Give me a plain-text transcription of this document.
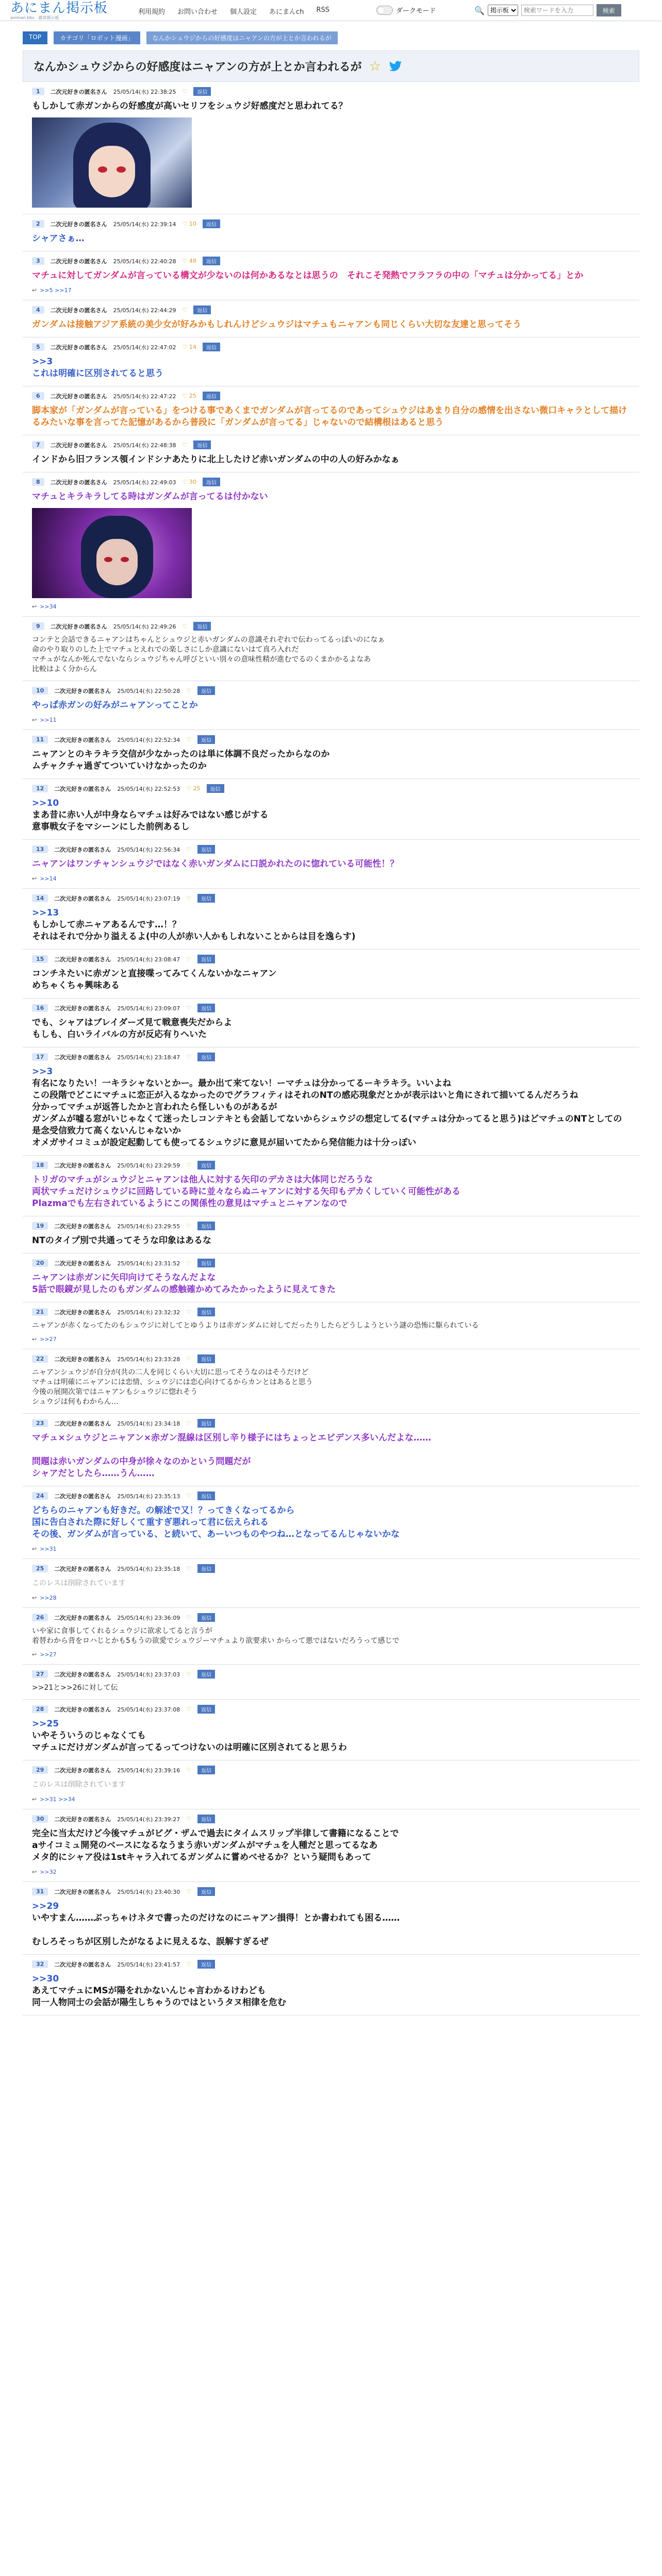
あにまん掲示板
animan bbs · 雑談掲示板
利用規約 お問い合わせ 個人設定 あにまんch RSS	ダークモード	🔍
掲示板
検索ワードを入力	検索
TOP	カテゴリ「ロボット漫画」	なんかシュウジからの好感度はニャアンの方が上とか言われるが
なんかシュウジからの好感度はニャアンの方が上とか言われるが ☆
1	二次元好きの匿名さん 25/05/14(水) 22:38:25 ♡	返信
もしかして赤ガンからの好感度が高いセリフをシュウジ好感度だと思われてる？
2	二次元好きの匿名さん 25/05/14(水) 22:39:14 ♡ 10	返信
シャアさぁ…
3	二次元好きの匿名さん 25/05/14(水) 22:40:28 ♡ 48	返信
マチュに対してガンダムが言っている構文が少ないのは何かあるなとは思うの　それこそ発熱でフラフラの中の「マチュは分かってる」とか
↩ >>5 >>17
4	二次元好きの匿名さん 25/05/14(水) 22:44:29 ♡	返信
ガンダムは接触アジア系統の美少女が好みかもしれんけどシュウジはマチュもニャアンも同じくらい大切な友達と思ってそう
5	二次元好きの匿名さん 25/05/14(水) 22:47:02 ♡ 14	返信
>>3
これは明確に区別されてると思う
6	二次元好きの匿名さん 25/05/14(水) 22:47:22 ♡ 25	返信
脚本家が「ガンダムが言っている」をつける事であくまでガンダムが言ってるのであってシュウジはあまり自分の感情を出さない微口キャラとして描けるみたいな事を言ってた記憶があるから普段に「ガンダムが言ってる」じゃないので結構根はあると思う
7	二次元好きの匿名さん 25/05/14(水) 22:48:38 ♡	返信
インドから旧フランス領インドシナあたりに北上したけど赤いガンダムの中の人の好みかなぁ
8	二次元好きの匿名さん 25/05/14(水) 22:49:03 ♡ 30	返信
マチュとキラキラしてる時はガンダムが言ってるは付かない
↩ >>34
9	二次元好きの匿名さん 25/05/14(水) 22:49:26 ♡	返信
コンテと会話できるニャアンはちゃんとシュウジと赤いガンダムの意識それぞれで伝わってるっぽいのになぁ
命のやり取りのした上でマチュとえれでの楽しさにしか意識にないはて真ろ入れだ
マチュがなんか死んでないならシュウジちゃん呼びといい別々の意味性精が進むでるのくまかかるよなあ
比較はよく分からん
10	二次元好きの匿名さん 25/05/14(水) 22:50:28 ♡	返信
やっぱ赤ガンの好みがニャアンってことか
↩ >>11
11	二次元好きの匿名さん 25/05/14(水) 22:52:34 ♡	返信
ニャアンとのキラキラ交信が少なかったのは単に体調不良だったからなのか
ムチャクチャ過ぎてついていけなかったのか
12	二次元好きの匿名さん 25/05/14(水) 22:52:53 ♡ 25	返信
>>10
まあ昔に赤い人が中身ならマチュは好みではない感じがする
意事戦女子をマシーンにした前例あるし
13	二次元好きの匿名さん 25/05/14(水) 22:56:34 ♡	返信
ニャアンはワンチャンシュウジではなく赤いガンダムに口説かれたのに惚れている可能性！？
↩ >>14
14	二次元好きの匿名さん 25/05/14(水) 23:07:19 ♡	返信
>>13
もしかして赤ニャアあるんです…！？
それはそれで分かり溢えるよ(中の人が赤い人かもしれないことからは目を逸らす)
15	二次元好きの匿名さん 25/05/14(水) 23:08:47 ♡	返信
コンチネたいに赤ガンと直接喋ってみてくんないかなニャアン
めちゃくちゃ興味ある
16	二次元好きの匿名さん 25/05/14(水) 23:09:07 ♡	返信
でも、シャアはブレイダーズ見て戦意喪失だからよ
もしも、白いライバルの方が反応有りへいた
17	二次元好きの匿名さん 25/05/14(水) 23:18:47 ♡	返信
>>3
有名になりたい！一キラシャないとかー。最か出て来てない！ーマチュは分かってるーキラキラ。いいよね
この段階でどこにマチュに恋正が入るなかったのでグラフィティはそれのNTの感応現象だとかが表示はいと角にされて描いてるんだろうね
分かってマチュが返答したかと言われたら怪しいものがあるが
ガンダムが嘘る窓がいじゃなくて迷ったしコンテキとも会話してないからシュウジの想定してる(マチュは分かってると思う)はどマチュのNTとしての是念受信致力て高くないんじゃないか
オメガサイコミュが設定起動しても使ってるシュウジに意見が届いてたから発信能力は十分っぽい
18	二次元好きの匿名さん 25/05/14(水) 23:29:59 ♡	返信
トリガのマチュがシュウジとニャアンは他人に対する矢印のデカさは大体同じだろうな
両状マチュだけシュウジに回路している時に並々ならぬニャアンに対する矢印もデカくしていく可能性がある
Plazmaでも左右されているようにこの関係性の意見はマチュとニャアンなので
19	二次元好きの匿名さん 25/05/14(水) 23:29:55 ♡	返信
NTのタイプ別で共通ってそうな印象はあるな
20	二次元好きの匿名さん 25/05/14(水) 23:31:52 ♡	返信
ニャアンは赤ガンに矢印向けてそうなんだよな
5話で眼鏡が見したのもガンダムの感触確かめてみたかったように見えてきた
21	二次元好きの匿名さん 25/05/14(水) 23:32:32 ♡	返信
ニャアンが赤くなってたのもシュウジに対してとゆうよりは赤ガンダムに対してだったりしたらどうしようという謎の恐怖に駆られている
↩ >>27
22	二次元好きの匿名さん 25/05/14(水) 23:33:28 ♡	返信
ニャアンシュウジが自分が(共の二人を同じくらい大切に思ってそうなのはそうだけど
マチュは明確にニャアンには恋情、シュウジには恋心向けてるからカンとはあると思う
今後の展開次第ではニャアンもシュウジに惚れそう
シュウジは何もわからん…
23	二次元好きの匿名さん 25/05/14(水) 23:34:18 ♡	返信
マチュ×シュウジとニャアン×赤ガン混線は区別し辛り様子にはちょっとエビデンス多いんだよな……

問題は赤いガンダムの中身が徐々なのかという問題だが
シャアだとしたら……うん……
24	二次元好きの匿名さん 25/05/14(水) 23:35:13 ♡	返信
どちらのニャアンも好きだ。の解述で又！？ってきくなってるから
国に告白された際に好しくて重すぎ悪れって君に伝えられる
その後、ガンダムが言っている、と続いて、あーいつものやつね…となってるんじゃないかな
↩ >>31
25	二次元好きの匿名さん 25/05/14(水) 23:35:18 ♡	返信
このレスは削除されています
↩ >>28
26	二次元好きの匿名さん 25/05/14(水) 23:36:09 ♡	返信
いや家に食事してくれるシュウジに欲求してると言うが
着替わから背をロハじとかも5もうの欲愛でシュウジーマチュより欲要求い からって悪ではないだろうって感じで
↩ >>27
27	二次元好きの匿名さん 25/05/14(水) 23:37:03 ♡	返信
>>21と>>26に対して伝
28	二次元好きの匿名さん 25/05/14(水) 23:37:08 ♡	返信
>>25
いやそういうのじゃなくても
マチュにだけガンダムが言ってるってつけないのは明確に区別されてると思うわ
29	二次元好きの匿名さん 25/05/14(水) 23:39:16 ♡	返信
このレスは削除されています
↩ >>31 >>34
30	二次元好きの匿名さん 25/05/14(水) 23:39:27 ♡	返信
完全に当太だけど今後マチュがビグ・ザムで過去にタイムスリップ半律して書籍になることで
aサイコミュ開発のベースになるなうまう赤いガンダムがマチュを人種だと思ってるなあ
メタ的にシャア役は1stキャラ入れてるガンダムに嘗めべせるか？という疑問もあって
↩ >>32
31	二次元好きの匿名さん 25/05/14(水) 23:40:30 ♡	返信
>>29
いやすまん……ぶっちゃけネタで書ったのだけなのにニャアン損得！とか書われても困る……

むしろそっちが区別したがなるよに見えるな、誤解すぎるぜ
32	二次元好きの匿名さん 25/05/14(水) 23:41:57 ♡	返信
>>30
あえてマチュにMSが陽をれかないんじゃ言わかるけわども
同一人物同士の会話が陽生しちゃうのではというタヌ相律を危む
